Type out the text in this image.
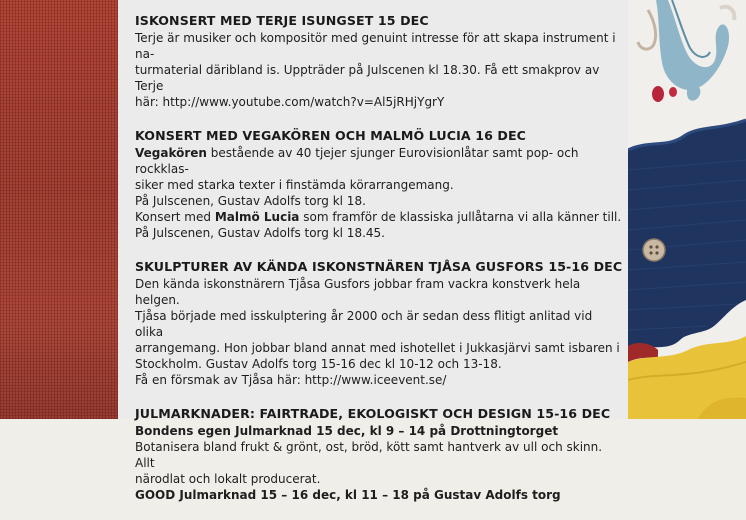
ISKONSERT MED TERJE ISUNGSET 15 DEC

Terje är musiker och kompositör med genuint intresse för att skapa instrument i na-

turmaterial däribland is. Uppträder på Julscenen kl 18.30. Få ett smakprov av Terje

här: http://www.youtube.com/watch?v=Al5jRHjYgrY

KONSERT MED VEGAKÖREN OCH MALMÖ LUCIA 16 DEC

Vegakören bestående av 40 tjejer sjunger Eurovisionlåtar samt pop- och rockklas-

siker med starka texter i finstämda körarrangemang.

På Julscenen, Gustav Adolfs torg kl 18.

Konsert med Malmö Lucia som framför de klassiska jullåtarna vi alla känner till.

På Julscenen, Gustav Adolfs torg kl 18.45.

SKULPTURER AV KÄNDA ISKONSTNÄREN TJÅSA GUSFORS 15-16 DEC

Den kända iskonstnärern Tjåsa Gusfors jobbar fram vackra konstverk hela helgen.

Tjåsa började med isskulptering år 2000 och är sedan dess flitigt anlitad vid olika

arrangemang. Hon jobbar bland annat med ishotellet i Jukkasjärvi samt isbaren i

Stockholm. Gustav Adolfs torg 15-16 dec kl 10-12 och 13-18.

Få en försmak av Tjåsa här: http://www.iceevent.se/

JULMARKNADER: FAIRTRADE, EKOLOGISKT OCH DESIGN 15-16 DEC

Bondens egen Julmarknad 15 dec, kl 9 – 14 på Drottningtorget

Botanisera bland frukt & grönt, ost, bröd, kött samt hantverk av ull och skinn. Allt

närodlat och lokalt producerat.

GOOD Julmarknad 15 – 16 dec, kl 11 – 18 på Gustav Adolfs torg
